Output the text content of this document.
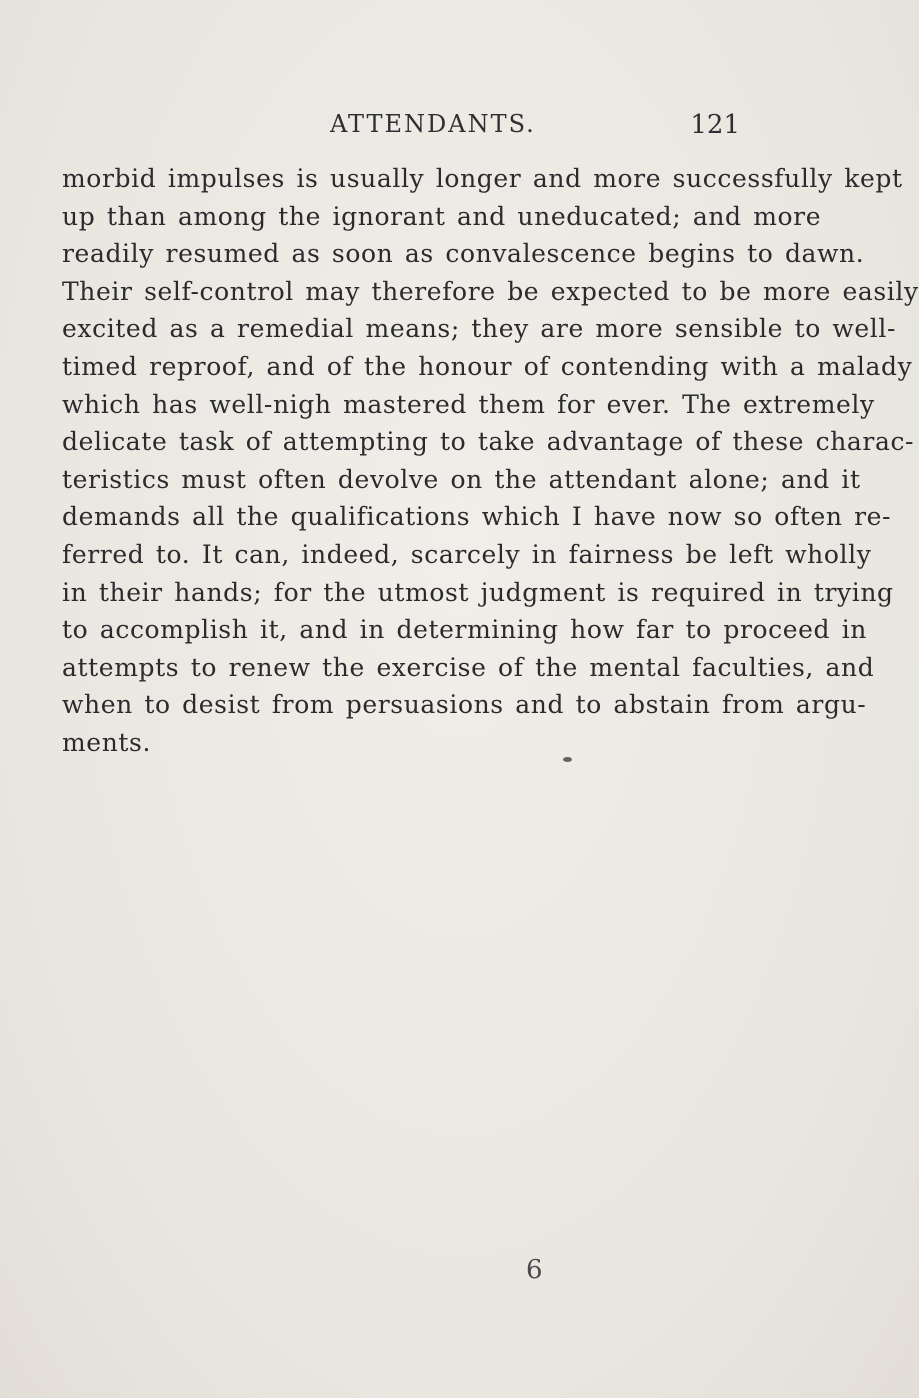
ATTENDANTS.	121
morbid impulses is usually longer and more successfully kept
up than among the ignorant and uneducated; and more
readily resumed as soon as convalescence begins to dawn.
Their self-control may therefore be expected to be more easily
excited as a remedial means; they are more sensible to well-
timed reproof, and of the honour of contending with a malady
which has well-nigh mastered them for ever. The extremely
delicate task of attempting to take advantage of these charac-
teristics must often devolve on the attendant alone; and it
demands all the qualifications which I have now so often re-
ferred to. It can, indeed, scarcely in fairness be left wholly
in their hands; for the utmost judgment is required in trying
to accomplish it, and in determining how far to proceed in
attempts to renew the exercise of the mental faculties, and
when to desist from persuasions and to abstain from argu-
ments.
6
